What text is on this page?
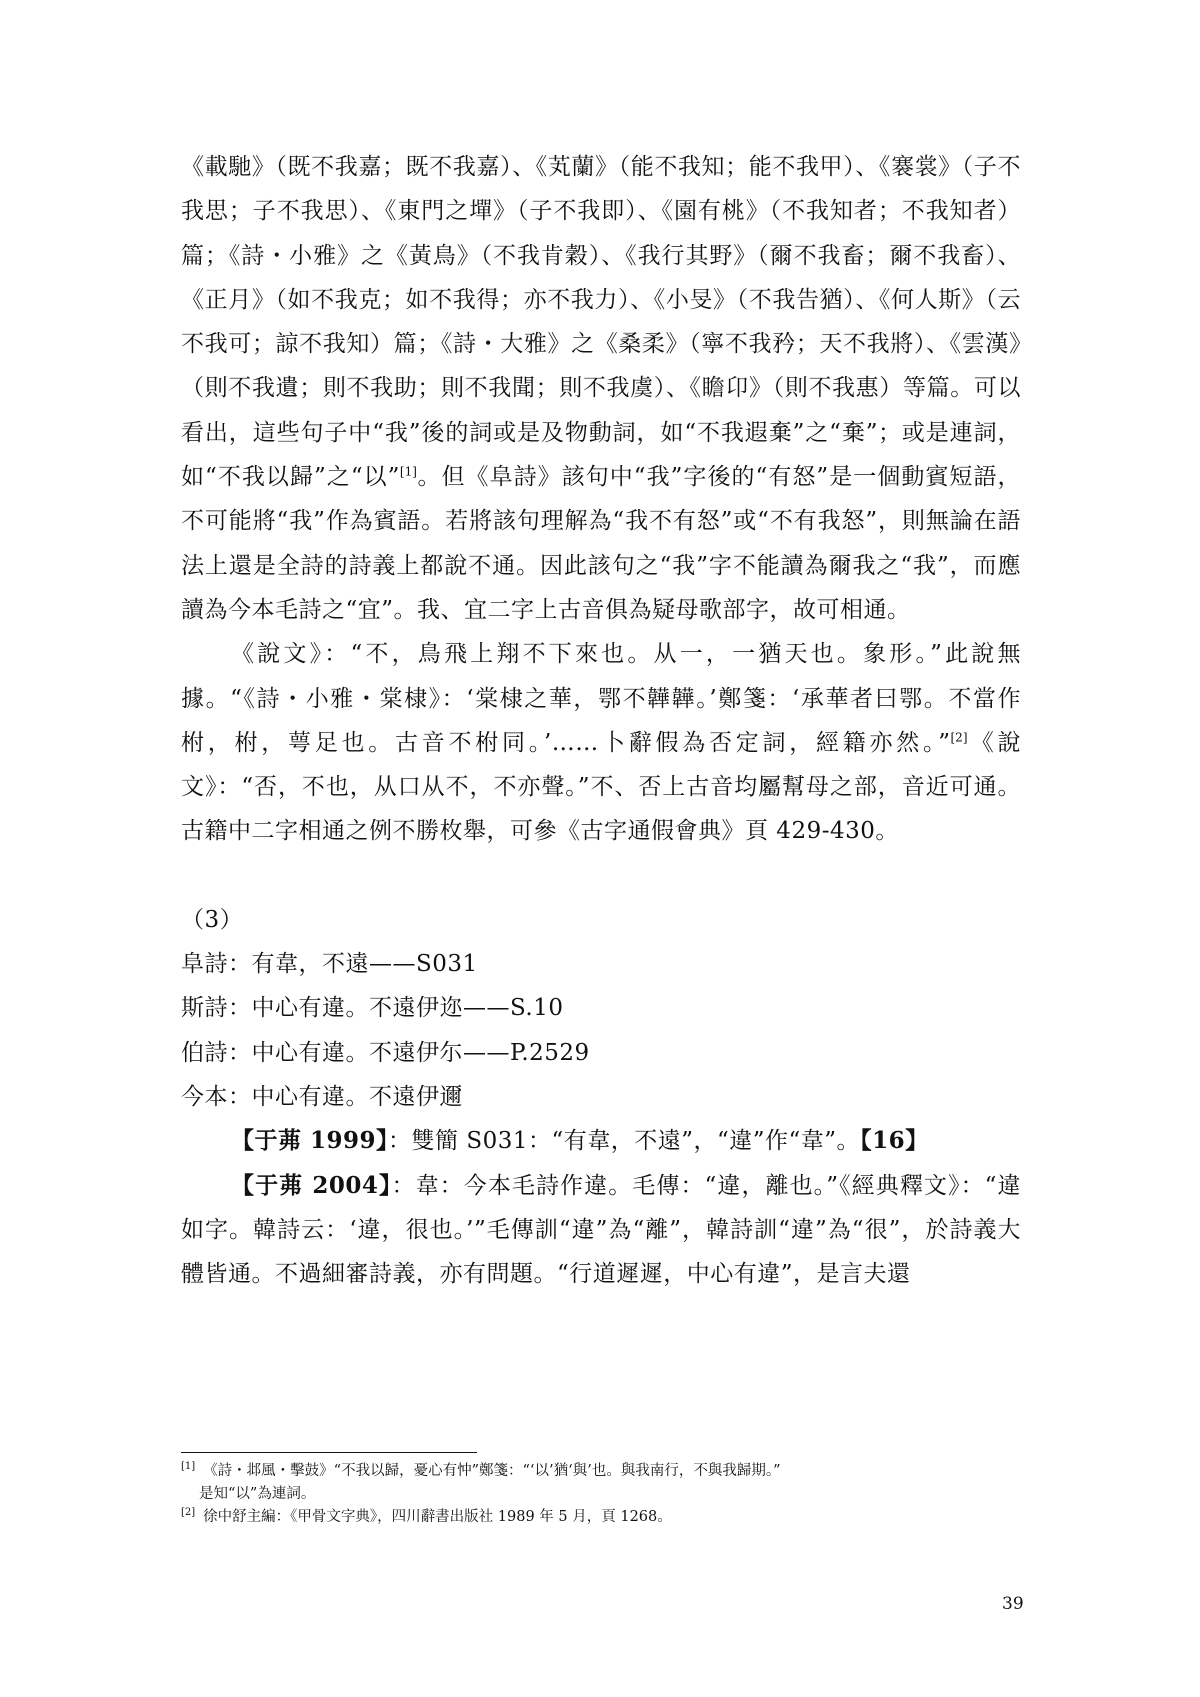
《載馳》（既不我嘉；既不我嘉）、《芄蘭》（能不我知；能不我甲）、《褰裳》（子不我思；子不我思）、《東門之墠》（子不我即）、《園有桃》（不我知者；不我知者）篇；《詩・小雅》之《黃鳥》（不我肯穀）、《我行其野》（爾不我畜；爾不我畜）、《正月》（如不我克；如不我得；亦不我力）、《小旻》（不我告猶）、《何人斯》（云不我可；諒不我知）篇；《詩・大雅》之《桑柔》（寧不我矜；天不我將）、《雲漢》（則不我遺；則不我助；則不我聞；則不我虞）、《瞻卬》（則不我惠）等篇。可以看出，這些句子中“我”後的詞或是及物動詞，如“不我遐棄”之“棄”；或是連詞，如“不我以歸”之“以”[1]。但《阜詩》該句中“我”字後的“有怒”是一個動賓短語，不可能將“我”作為賓語。若將該句理解為“我不有怒”或“不有我怒”，則無論在語法上還是全詩的詩義上都說不通。因此該句之“我”字不能讀為爾我之“我”，而應讀為今本毛詩之“宜”。我、宜二字上古音俱為疑母歌部字，故可相通。

《說文》：“不，鳥飛上翔不下來也。从一，一猶天也。象形。”此說無據。“《詩・小雅・棠棣》：‘棠棣之華，鄂不韡韡。’鄭箋：‘承華者曰鄂。不當作柎，柎，萼足也。古音不柎同。’……卜辭假為否定詞，經籍亦然。”[2]《說文》：“否，不也，从口从不，不亦聲。”不、否上古音均屬幫母之部，音近可通。古籍中二字相通之例不勝枚舉，可參《古字通假會典》頁 429-430。

（3）

阜詩：有韋，不遠——S031

斯詩：中心有違。不遠伊迩——S.10

伯詩：中心有違。不遠伊尓——P.2529

今本：中心有違。不遠伊邇

【于茀 1999】：雙簡 S031：“有韋，不遠”，“違”作“韋”。【16】

【于茀 2004】：韋：今本毛詩作違。毛傳：“違，離也。”《經典釋文》：“違如字。韓詩云：‘違，很也。’”毛傳訓“違”為“離”，韓詩訓“違”為“很”，於詩義大體皆通。不過細審詩義，亦有問題。“行道遲遲，中心有違”，是言夫還

[1] 《詩・邶風・擊鼓》“不我以歸，憂心有忡”鄭箋：“‘以’猶‘與’也。與我南行，不與我歸期。”

是知“以”為連詞。

[2] 徐中舒主編：《甲骨文字典》，四川辭書出版社 1989 年 5 月，頁 1268。

39
